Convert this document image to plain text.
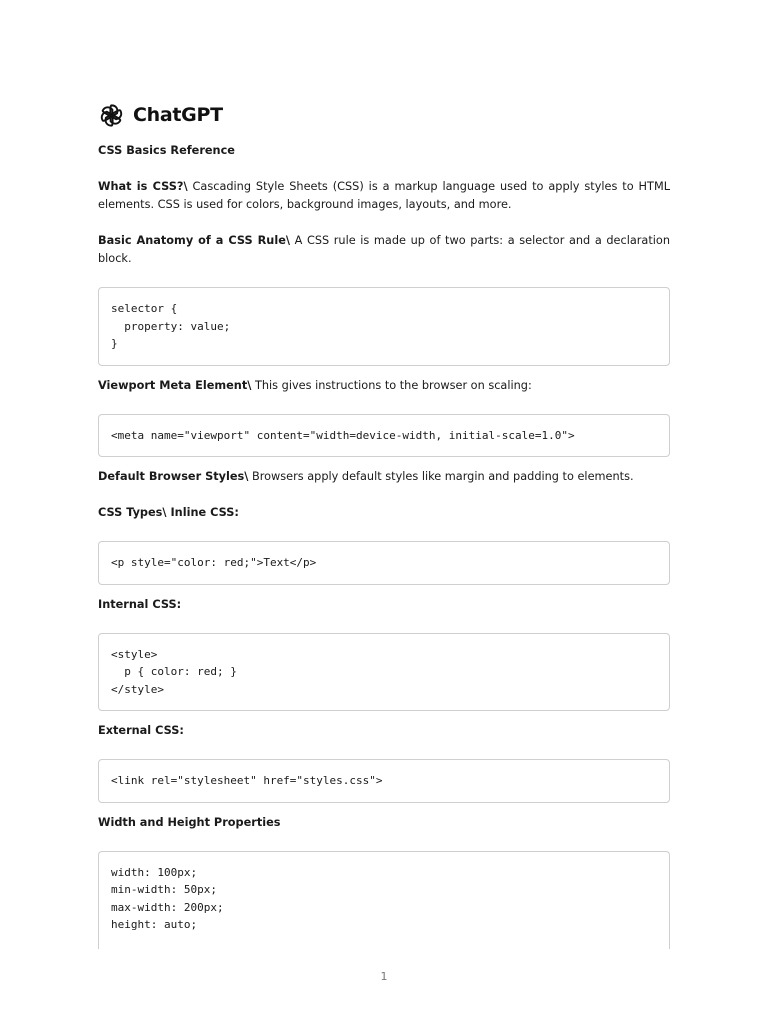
ChatGPT

CSS Basics Reference

What is CSS?\ Cascading Style Sheets (CSS) is a markup language used to apply styles to HTML elements. CSS is used for colors, background images, layouts, and more.

Basic Anatomy of a CSS Rule\ A CSS rule is made up of two parts: a selector and a declaration block.

selector {
property: value;
}

Viewport Meta Element\ This gives instructions to the browser on scaling:

<meta name="viewport" content="width=device-width, initial-scale=1.0">

Default Browser Styles\ Browsers apply default styles like margin and padding to elements.

CSS Types\ Inline CSS:

<p style="color: red;">Text</p>

Internal CSS:

<style>
p { color: red; }
</style>

External CSS:

<link rel="stylesheet" href="styles.css">

Width and Height Properties

width: 100px;
min-width: 50px;
max-width: 200px;
height: auto;
1
